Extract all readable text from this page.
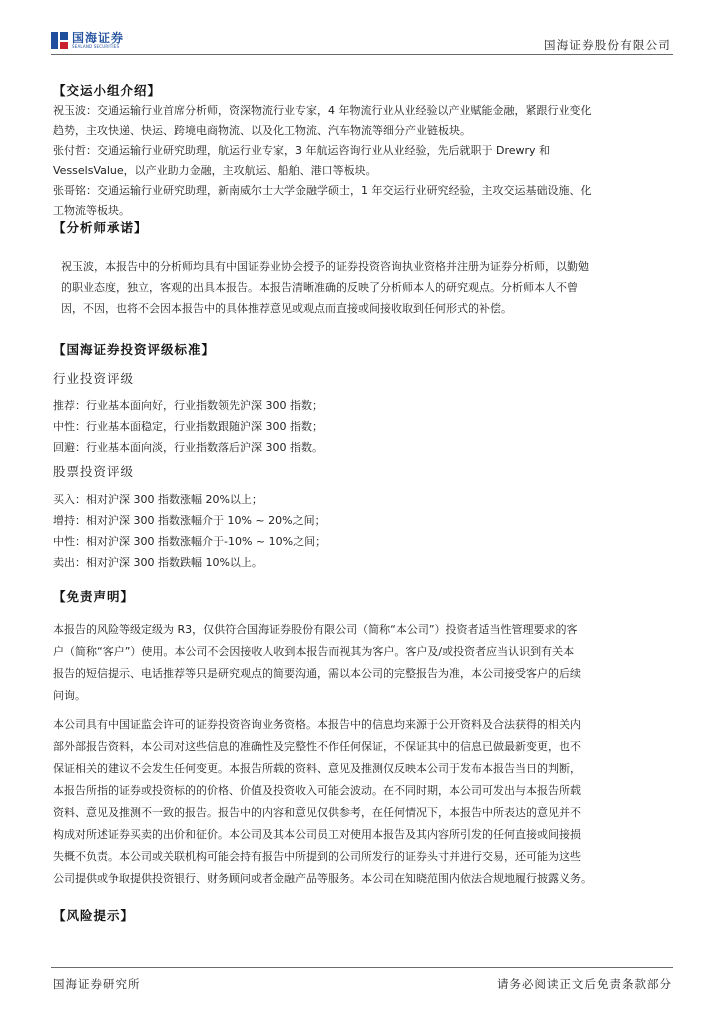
国海证券
SEALAND SECURITIES	国海证券股份有限公司
【交运小组介绍】
祝玉波：交通运输行业首席分析师，资深物流行业专家，4 年物流行业从业经验以产业赋能金融，紧跟行业变化
趋势，主攻快递、快运、跨境电商物流、以及化工物流、汽车物流等细分产业链板块。
张付哲：交通运输行业研究助理，航运行业专家，3 年航运咨询行业从业经验，先后就职于 Drewry 和
VesselsValue，以产业助力金融，主攻航运、船舶、港口等板块。
张哥铭：交通运输行业研究助理，新南威尔士大学金融学硕士，1 年交运行业研究经验，主攻交运基础设施、化
工物流等板块。
【分析师承诺】
祝玉波，本报告中的分析师均具有中国证券业协会授予的证券投资咨询执业资格并注册为证券分析师，以勤勉
的职业态度，独立，客观的出具本报告。本报告清晰准确的反映了分析师本人的研究观点。分析师本人不曾
因，不因，也将不会因本报告中的具体推荐意见或观点而直接或间接收取到任何形式的补偿。
【国海证券投资评级标准】
行业投资评级
推荐：行业基本面向好，行业指数领先沪深 300 指数；
中性：行业基本面稳定，行业指数跟随沪深 300 指数；
回避：行业基本面向淡，行业指数落后沪深 300 指数。
股票投资评级
买入：相对沪深 300 指数涨幅 20%以上；
增持：相对沪深 300 指数涨幅介于 10% ~ 20%之间；
中性：相对沪深 300 指数涨幅介于-10% ~ 10%之间；
卖出：相对沪深 300 指数跌幅 10%以上。
【免责声明】
本报告的风险等级定级为 R3，仅供符合国海证券股份有限公司（简称“本公司”）投资者适当性管理要求的客
户（简称“客户”）使用。本公司不会因接收人收到本报告而视其为客户。客户及/或投资者应当认识到有关本
报告的短信提示、电话推荐等只是研究观点的简要沟通，需以本公司的完整报告为准，本公司接受客户的后续
问询。
本公司具有中国证监会许可的证券投资咨询业务资格。本报告中的信息均来源于公开资料及合法获得的相关内
部外部报告资料，本公司对这些信息的准确性及完整性不作任何保证，不保证其中的信息已做最新变更，也不
保证相关的建议不会发生任何变更。本报告所载的资料、意见及推测仅反映本公司于发布本报告当日的判断，
本报告所指的证券或投资标的的价格、价值及投资收入可能会波动。在不同时期，本公司可发出与本报告所载
资料、意见及推测不一致的报告。报告中的内容和意见仅供参考，在任何情况下，本报告中所表达的意见并不
构成对所述证券买卖的出价和征价。本公司及其本公司员工对使用本报告及其内容所引发的任何直接或间接损
失概不负责。本公司或关联机构可能会持有报告中所提到的公司所发行的证券头寸并进行交易，还可能为这些
公司提供或争取提供投资银行、财务顾问或者金融产品等服务。本公司在知晓范围内依法合规地履行披露义务。
【风险提示】
国海证券研究所	请务必阅读正文后免责条款部分
